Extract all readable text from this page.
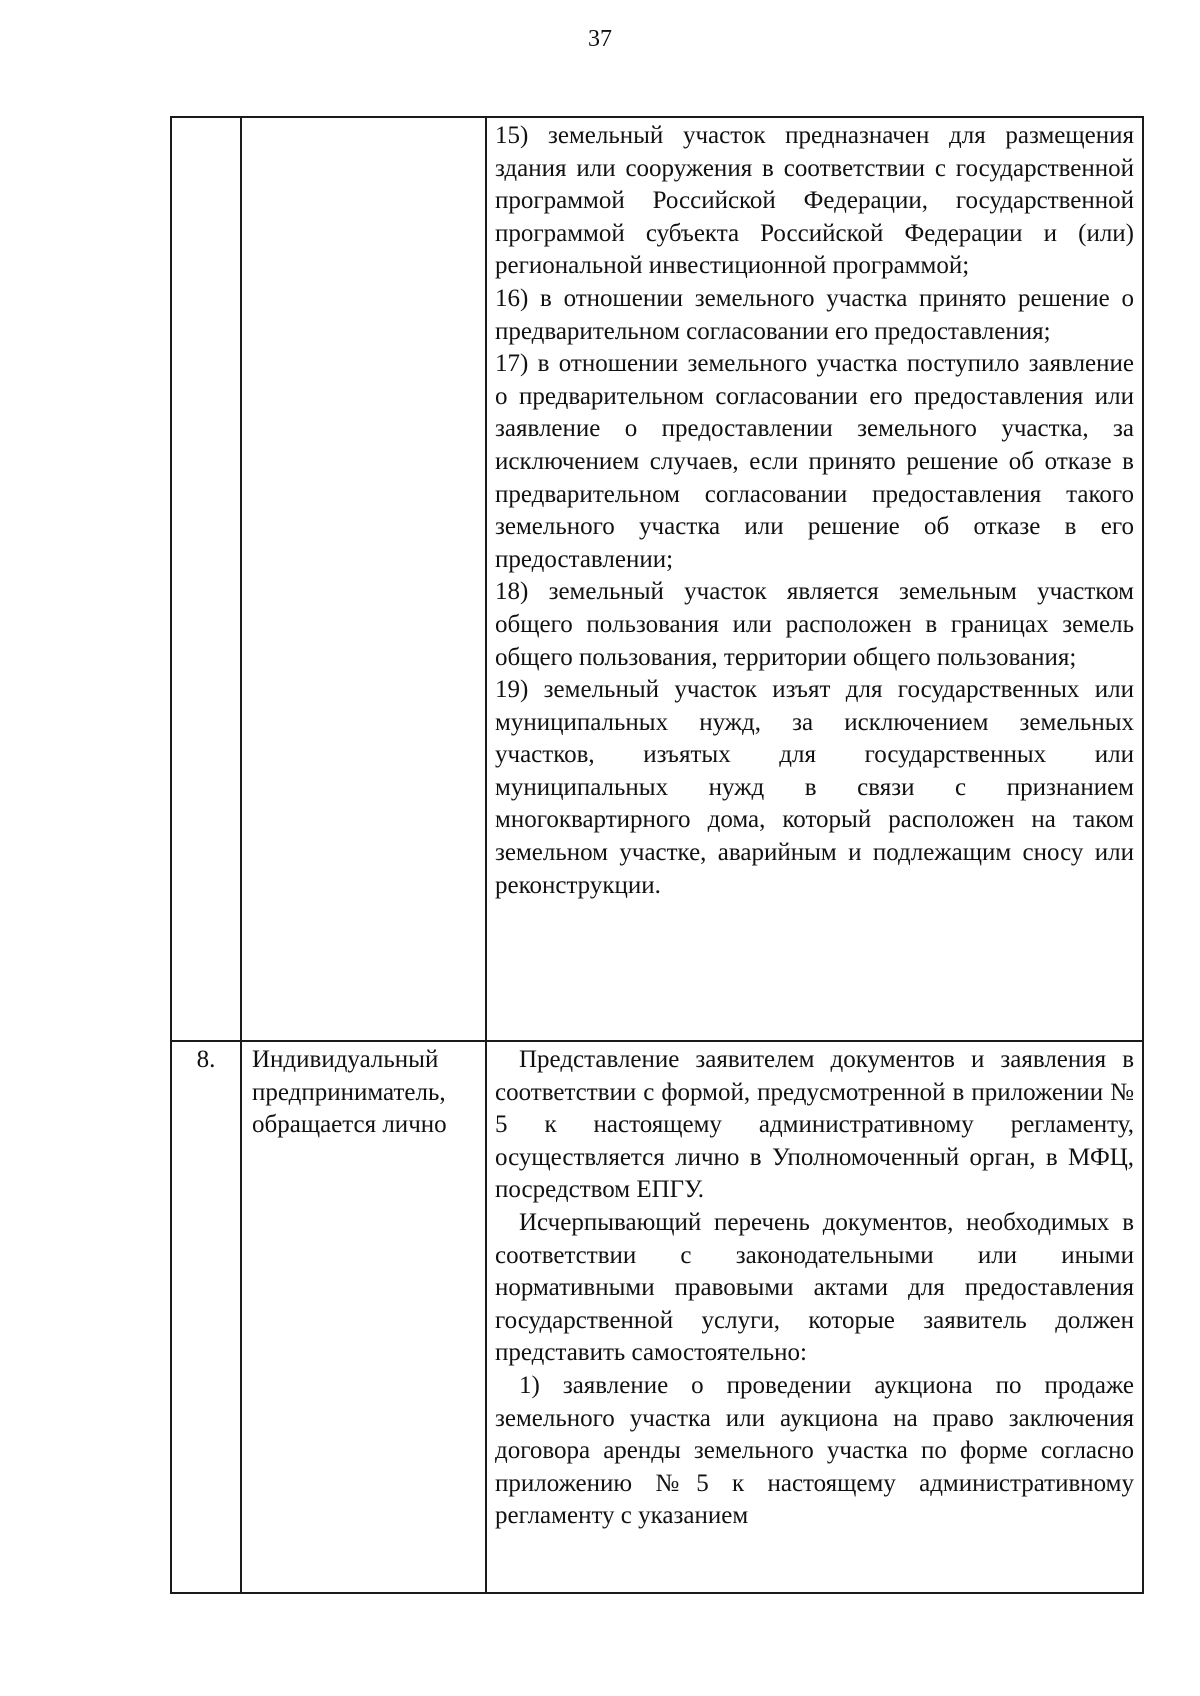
37

		15) земельный участок предназначен для размещения здания или сооружения в соответствии с государственной программой Российской Федерации, государственной программой субъекта Российской Федерации и (или) региональной инвестиционной программой;

16) в отношении земельного участка принято решение о предварительном согласовании его предоставления;

17) в отношении земельного участка поступило заявление о предварительном согласовании его предоставления или заявление о предоставлении земельного участка, за исключением случаев, если принято решение об отказе в предварительном согласовании предоставления такого земельного участка или решение об отказе в его предоставлении;

18) земельный участок является земельным участком общего пользования или расположен в границах земель общего пользования, территории общего пользования;

19) земельный участок изъят для государственных или муниципальных нужд, за исключением земельных участков, изъятых для государственных или муниципальных нужд в связи с признанием многоквартирного дома, который расположен на таком земельном участке, аварийным и подлежащим сносу или реконструкции.

8.	Индивидуальный предприниматель, обращается лично	Представление заявителем документов и заявления в соответствии с формой, предусмотренной в приложении № 5 к настоящему административному регламенту, осуществляется лично в Уполномоченный орган, в МФЦ, посредством ЕПГУ.

Исчерпывающий перечень документов, необходимых в соответствии с законодательными или иными нормативными правовыми актами для предоставления государственной услуги, которые заявитель должен представить самостоятельно:

1) заявление о проведении аукциона по продаже земельного участка или аукциона на право заключения договора аренды земельного участка по форме согласно приложению №5 к настоящему административному регламенту с указанием
